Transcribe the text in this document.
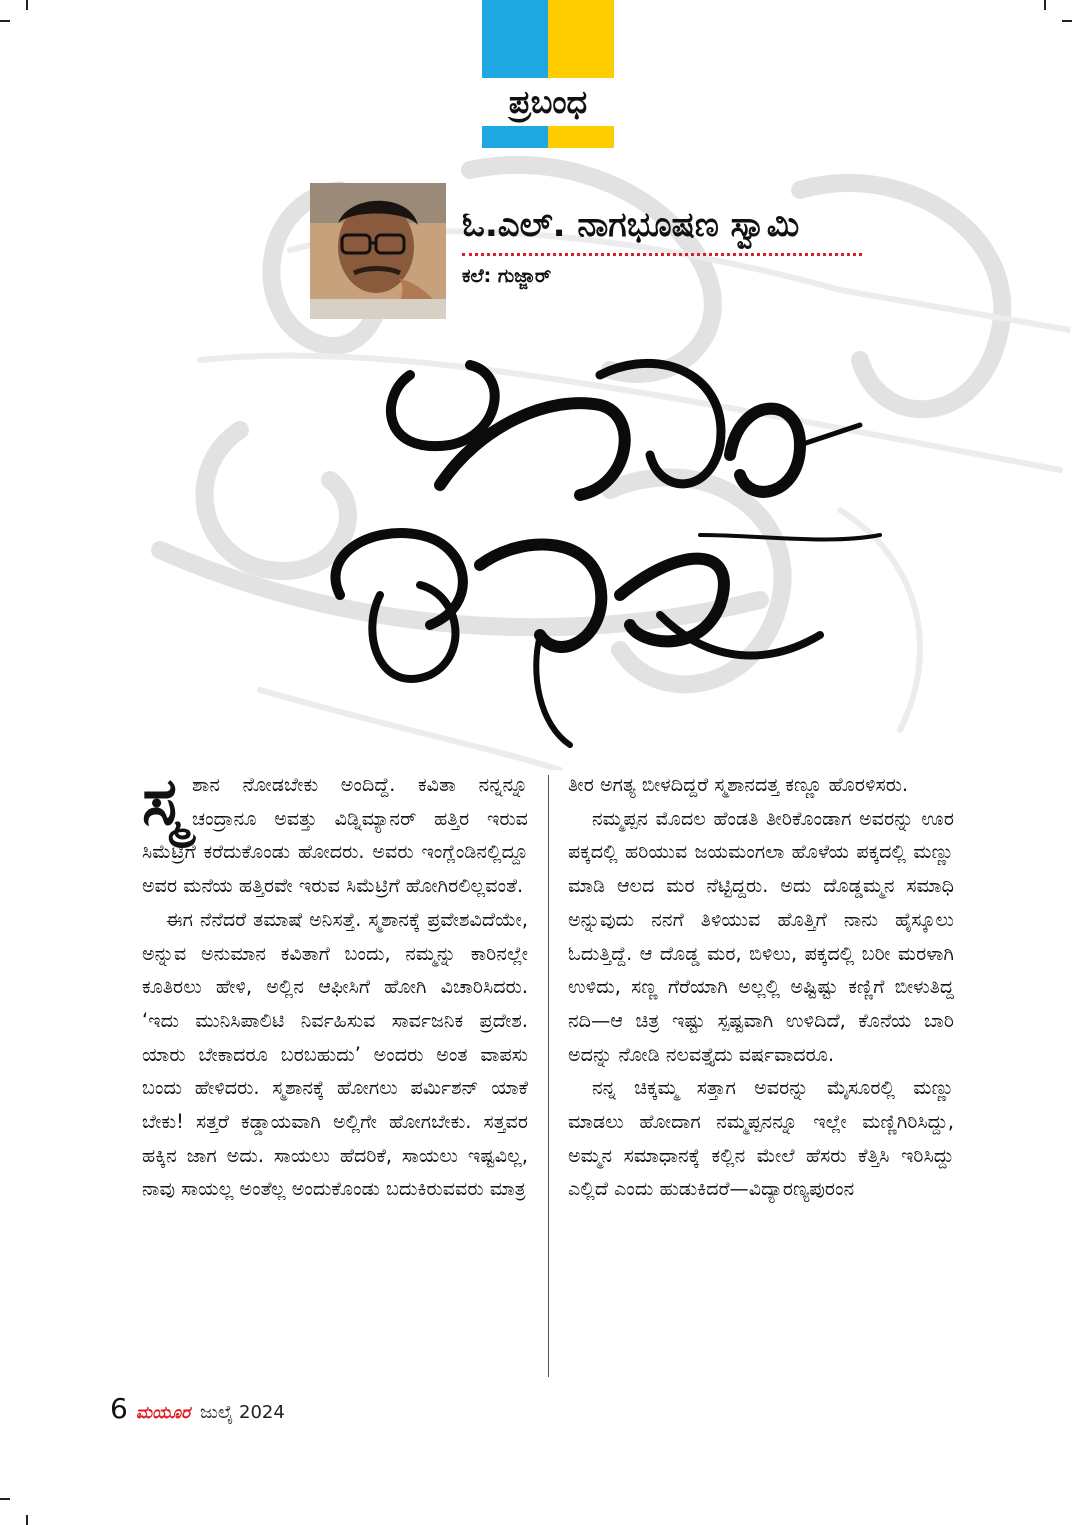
ಪ್ರಬಂಧ
ಓ.ಎಲ್. ನಾಗಭೂಷಣ ಸ್ವಾಮಿ
ಕಲೆ: ಗುಜ್ಜಾರ್

ಸ್ಮ ಶಾನ ನೋಡಬೇಕು ಅಂದಿದ್ದೆ. ಕವಿತಾ ನನ್ನನ್ನೂ ಚಂದ್ರಾನೂ ಅವತ್ತು ವಿಡ್ನಿಮ್ಯಾನರ್ ಹತ್ತಿರ ಇರುವ ಸಿಮೆಟ್ರಿಗೆ ಕರೆದುಕೊಂಡು ಹೋದರು. ಅವರು ಇಂಗ್ಲೆಂಡಿನಲ್ಲಿದ್ದೂ ಅವರ ಮನೆಯ ಹತ್ತಿರವೇ ಇರುವ ಸಿಮೆಟ್ರಿಗೆ ಹೋಗಿರಲಿಲ್ಲವಂತೆ.

ಈಗ ನೆನೆದರೆ ತಮಾಷೆ ಅನಿಸತ್ತೆ. ಸ್ಮಶಾನಕ್ಕೆ ಪ್ರವೇಶವಿದೆಯೇ, ಅನ್ನುವ ಅನುಮಾನ ಕವಿತಾಗೆ ಬಂದು, ನಮ್ಮನ್ನು ಕಾರಿನಲ್ಲೇ ಕೂತಿರಲು ಹೇಳಿ, ಅಲ್ಲಿನ ಆಫೀಸಿಗೆ ಹೋಗಿ ವಿಚಾರಿಸಿದರು. ‘ಇದು ಮುನಿಸಿಪಾಲಿಟಿ ನಿರ್ವಹಿಸುವ ಸಾರ್ವಜನಿಕ ಪ್ರದೇಶ. ಯಾರು ಬೇಕಾದರೂ ಬರಬಹುದು’ ಅಂದರು ಅಂತ ವಾಪಸು ಬಂದು ಹೇಳಿದರು. ಸ್ಮಶಾನಕ್ಕೆ ಹೋಗಲು ಪರ್ಮಿಶನ್ ಯಾಕೆ ಬೇಕು! ಸತ್ತರೆ ಕಡ್ಡಾಯವಾಗಿ ಅಲ್ಲಿಗೇ ಹೋಗಬೇಕು. ಸತ್ತವರ ಹಕ್ಕಿನ ಜಾಗ ಅದು. ಸಾಯಲು ಹೆದರಿಕೆ, ಸಾಯಲು ಇಷ್ಟವಿಲ್ಲ, ನಾವು ಸಾಯಲ್ಲ ಅಂತೆಲ್ಲ ಅಂದುಕೊಂಡು ಬದುಕಿರುವವರು ಮಾತ್ರ

ತೀರ ಅಗತ್ಯ ಬೀಳದಿದ್ದರೆ ಸ್ಮಶಾನದತ್ತ ಕಣ್ಣೂ ಹೊರಳಿಸರು.

ನಮ್ಮಪ್ಪನ ಮೊದಲ ಹೆಂಡತಿ ತೀರಿಕೊಂಡಾಗ ಅವರನ್ನು ಊರ ಪಕ್ಕದಲ್ಲಿ ಹರಿಯುವ ಜಯಮಂಗಲಾ ಹೊಳೆಯ ಪಕ್ಕದಲ್ಲಿ ಮಣ್ಣು ಮಾಡಿ ಆಲದ ಮರ ನೆಟ್ಟಿದ್ದರು. ಅದು ದೊಡ್ಡಮ್ಮನ ಸಮಾಧಿ ಅನ್ನುವುದು ನನಗೆ ತಿಳಿಯುವ ಹೊತ್ತಿಗೆ ನಾನು ಹೈಸ್ಕೂಲು ಓದುತ್ತಿದ್ದೆ. ಆ ದೊಡ್ಡ ಮರ, ಬಿಳಿಲು, ಪಕ್ಕದಲ್ಲಿ ಬರೀ ಮರಳಾಗಿ ಉಳಿದು, ಸಣ್ಣ ಗೆರೆಯಾಗಿ ಅಲ್ಲಲ್ಲಿ ಅಷ್ಟಿಷ್ಟು ಕಣ್ಣಿಗೆ ಬೀಳುತಿದ್ದ ನದಿ—ಆ ಚಿತ್ರ ಇಷ್ಟು ಸ್ಪಷ್ಟವಾಗಿ ಉಳಿದಿದೆ, ಕೊನೆಯ ಬಾರಿ ಅದನ್ನು ನೋಡಿ ನಲವತ್ತೈದು ವರ್ಷವಾದರೂ.

ನನ್ನ ಚಿಕ್ಕಮ್ಮ ಸತ್ತಾಗ ಅವರನ್ನು ಮೈಸೂರಲ್ಲಿ ಮಣ್ಣು ಮಾಡಲು ಹೋದಾಗ ನಮ್ಮಪ್ಪನನ್ನೂ ಇಲ್ಲೇ ಮಣ್ಣಿಗಿರಿಸಿದ್ದು, ಅಮ್ಮನ ಸಮಾಧಾನಕ್ಕೆ ಕಲ್ಲಿನ ಮೇಲೆ ಹೆಸರು ಕೆತ್ತಿಸಿ ಇರಿಸಿದ್ದು ಎಲ್ಲಿದೆ ಎಂದು ಹುಡುಕಿದರೆ—ವಿದ್ಯಾರಣ್ಯಪುರಂನ

6 ಮಯೂರ ಜುಲೈ 2024
